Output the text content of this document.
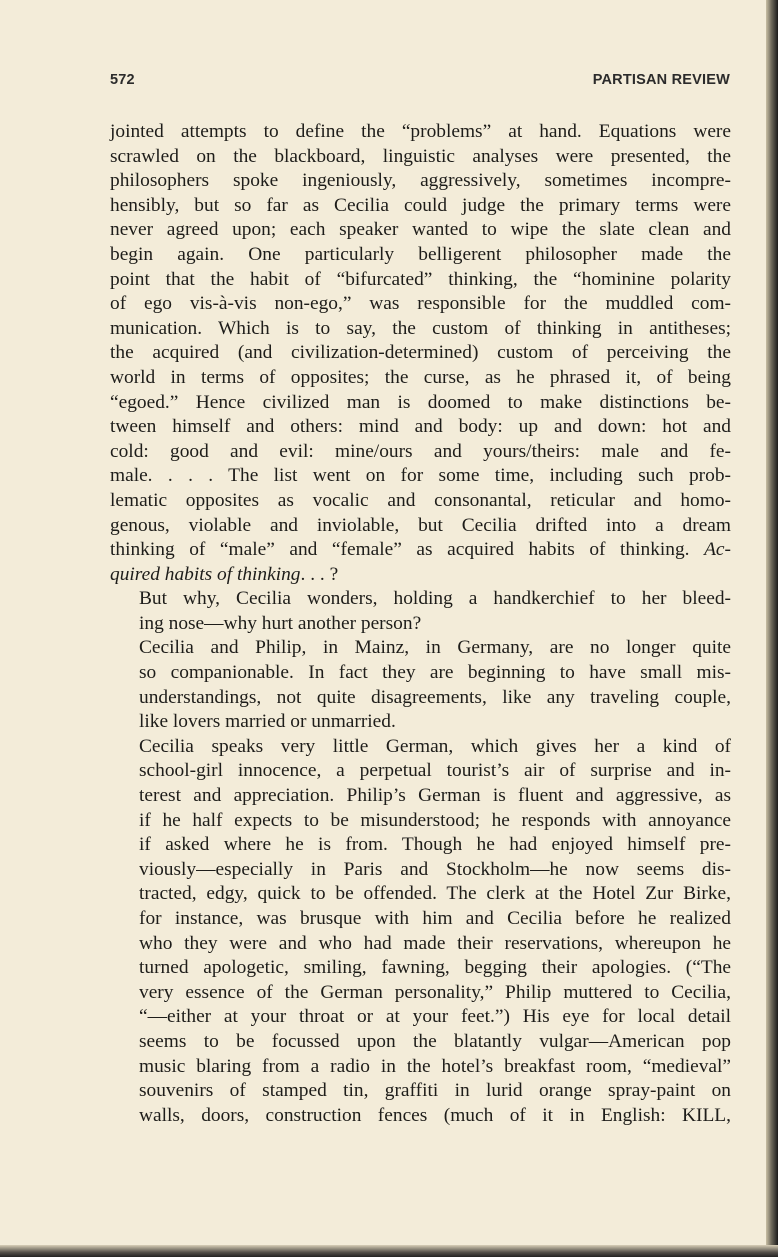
572	PARTISAN REVIEW

jointed attempts to define the “problems” at hand. Equations were
scrawled on the blackboard, linguistic analyses were presented, the
philosophers spoke ingeniously, aggressively, sometimes incompre-
hensibly, but so far as Cecilia could judge the primary terms were
never agreed upon; each speaker wanted to wipe the slate clean and
begin again. One particularly belligerent philosopher made the
point that the habit of “bifurcated” thinking, the “hominine polarity
of ego vis-à-vis non-ego,” was responsible for the muddled com-
munication. Which is to say, the custom of thinking in antitheses;
the acquired (and civilization-determined) custom of perceiving the
world in terms of opposites; the curse, as he phrased it, of being
“egoed.” Hence civilized man is doomed to make distinctions be-
tween himself and others: mind and body: up and down: hot and
cold: good and evil: mine/ours and yours/theirs: male and fe-
male. . . . The list went on for some time, including such prob-
lematic opposites as vocalic and consonantal, reticular and homo-
genous, violable and inviolable, but Cecilia drifted into a dream
thinking of “male” and “female” as acquired habits of thinking. Ac-
quired habits of thinking. . . ?

But why, Cecilia wonders, holding a handkerchief to her bleed-
ing nose—why hurt another person?

Cecilia and Philip, in Mainz, in Germany, are no longer quite
so companionable. In fact they are beginning to have small mis-
understandings, not quite disagreements, like any traveling couple,
like lovers married or unmarried.

Cecilia speaks very little German, which gives her a kind of
school-girl innocence, a perpetual tourist’s air of surprise and in-
terest and appreciation. Philip’s German is fluent and aggressive, as
if he half expects to be misunderstood; he responds with annoyance
if asked where he is from. Though he had enjoyed himself pre-
viously—especially in Paris and Stockholm—he now seems dis-
tracted, edgy, quick to be offended. The clerk at the Hotel Zur Birke,
for instance, was brusque with him and Cecilia before he realized
who they were and who had made their reservations, whereupon he
turned apologetic, smiling, fawning, begging their apologies. (“The
very essence of the German personality,” Philip muttered to Cecilia,
“—either at your throat or at your feet.”) His eye for local detail
seems to be focussed upon the blatantly vulgar—American pop
music blaring from a radio in the hotel’s breakfast room, “medieval”
souvenirs of stamped tin, graffiti in lurid orange spray-paint on
walls, doors, construction fences (much of it in English: KILL,
